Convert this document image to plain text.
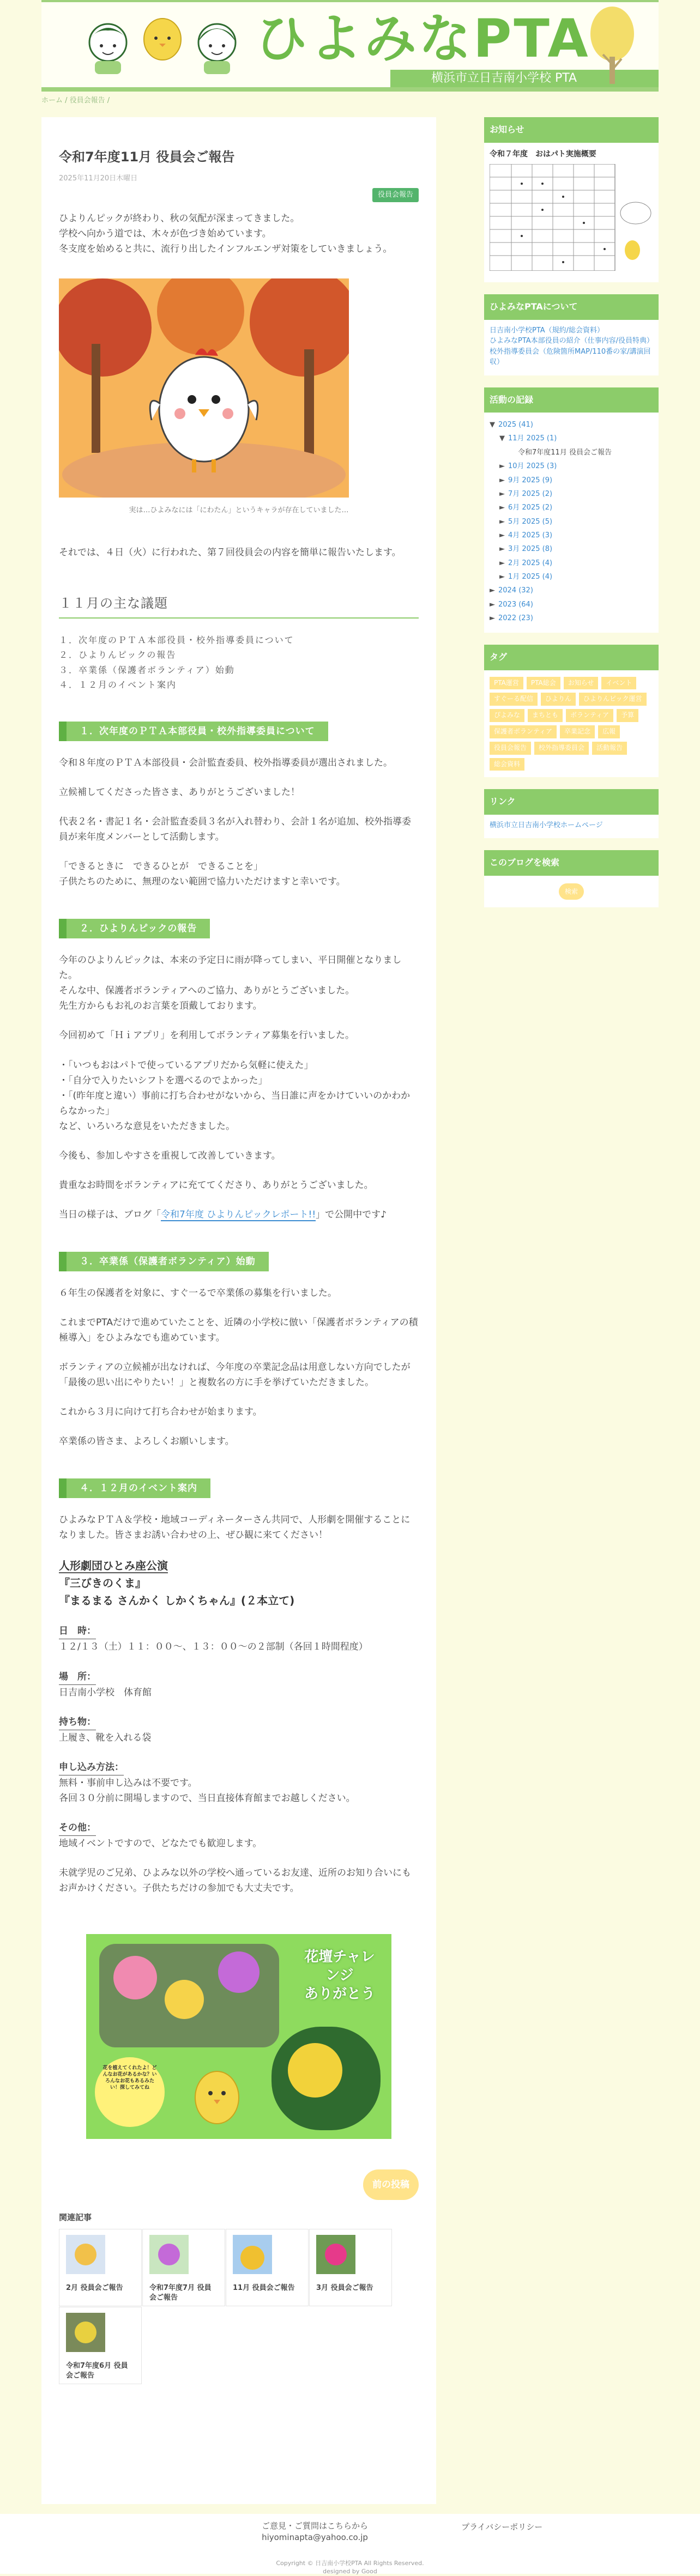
ひよみなPTA
横浜市立日吉南小学校 PTA
ホーム / 役員会報告 /
令和7年度11月 役員会ご報告
2025年11月20日木曜日
役員会報告

ひよりんピックが終わり、秋の気配が深まってきました。
学校へ向かう道では、木々が色づき始めています。
冬支度を始めると共に、流行り出したインフルエンザ対策をしていきましょう。

実は…ひよみなには「にわたん」というキャラが存在していました…

それでは、４日（火）に行われた、第７回役員会の内容を簡単に報告いたします。

１１月の主な議題
１．次年度のＰＴＡ本部役員・校外指導委員について
２．ひよりんピックの報告
３．卒業係（保護者ボランティア）始動
４．１２月のイベント案内
１．次年度のＰＴＡ本部役員・校外指導委員について
令和８年度のＰＴＡ本部役員・会計監査委員、校外指導委員が選出されました。
立候補してくださった皆さま、ありがとうございました！
代表２名・書記１名・会計監査委員３名が入れ替わり、会計１名が追加、校外指導委員が来年度メンバーとして活動します。
「できるときに　できるひとが　できることを」
子供たちのために、無理のない範囲で協力いただけますと幸いです。
２．ひよりんピックの報告
今年のひよりんピックは、本来の予定日に雨が降ってしまい、平日開催となりました。
そんな中、保護者ボランティアへのご協力、ありがとうございました。
先生方からもお礼のお言葉を頂戴しております。
今回初めて「Ｈｉアプリ」を利用してボランティア募集を行いました。
・「いつもおはパトで使っているアプリだから気軽に使えた」
・「自分で入りたいシフトを選べるのでよかった」
・「(昨年度と違い）事前に打ち合わせがないから、当日誰に声をかけていいのかわからなかった」
など、いろいろな意見をいただきました。
今後も、参加しやすさを重視して改善していきます。
貴重なお時間をボランティアに充ててくださり、ありがとうございました。
当日の様子は、ブログ「令和7年度 ひよりんピックレポート!!」で公開中です♪
３．卒業係（保護者ボランティア）始動
６年生の保護者を対象に、すぐ一るで卒業係の募集を行いました。
これまでPTAだけで進めていたことを、近隣の小学校に倣い「保護者ボランティアの積極導入」をひよみなでも進めています。
ボランティアの立候補が出なければ、今年度の卒業記念品は用意しない方向でしたが
「最後の思い出にやりたい！」と複数名の方に手を挙げていただきました。
これから３月に向けて打ち合わせが始まります。
卒業係の皆さま、よろしくお願いします。
４．１２月のイベント案内
ひよみなＰＴＡ＆学校・地域コーディネーターさん共同で、人形劇を開催することになりました。皆さまお誘い合わせの上、ぜひ観に来てください！
人形劇団ひとみ座公演
『三びきのくま』
『まるまる さんかく しかくちゃん』(２本立て)
日　時：
１２/１３（土）１１：００〜、１３：００〜の２部制（各回１時間程度）
場　所：
日吉南小学校　体育館
持ち物：
上履き、靴を入れる袋
申し込み方法：
無料・事前申し込みは不要です。
各回３０分前に開場しますので、当日直接体育館までお越しください。
その他：
地域イベントですので、どなたでも歓迎します。
未就学児のご兄弟、ひよみな以外の学校へ通っているお友達、近所のお知り合いにもお声かけください。子供たちだけの参加でも大丈夫です。
花壇チャレンジ
ありがとう
花を植えてくれたよ！どんなお花があるかな？いろんなお花もあるみたい！探してみてね
前の投稿
関連記事
2月 役員会ご報告	令和7年度7月 役員会ご報告
11月 役員会ご報告	3月 役員会ご報告
令和7年度6月 役員会ご報告
お知らせ
令和７年度　おはパト実施概要
ひよみなPTAについて
日吉南小学校PTA（規約/総会資料）
ひよみなPTA本部役員の紹介（仕事内容/役員特典）
校外指導委員会（危険箇所MAP/110番の家/講演回収）
活動の記録
▼ 2025 (41)
▼ 11月 2025 (1)
令和7年度11月 役員会ご報告
► 10月 2025 (3)
► 9月 2025 (9)
► 7月 2025 (2)
► 6月 2025 (2)
► 5月 2025 (5)
► 4月 2025 (3)
► 3月 2025 (8)
► 2月 2025 (4)
► 1月 2025 (4)
► 2024 (32)
► 2023 (64)
► 2022 (23)
タグ
PTA運営	PTA総会	お知らせ	イベント
すぐーる配信	ひよりん	ひよりんピック運営
ぴよみな	まちとも	ボランティア	予算
保護者ボランティア	卒業記念	広報
役員会報告	校外指導委員会	活動報告
総会資料
リンク
横浜市立日吉南小学校ホームページ
このブログを検索
検索
ご意見・ご質問はこちらから
hiyominapta@yahoo.co.jp
プライバシーポリシー
Copyright © 日吉南小学校PTA All Rights Reserved.
designed by Good
